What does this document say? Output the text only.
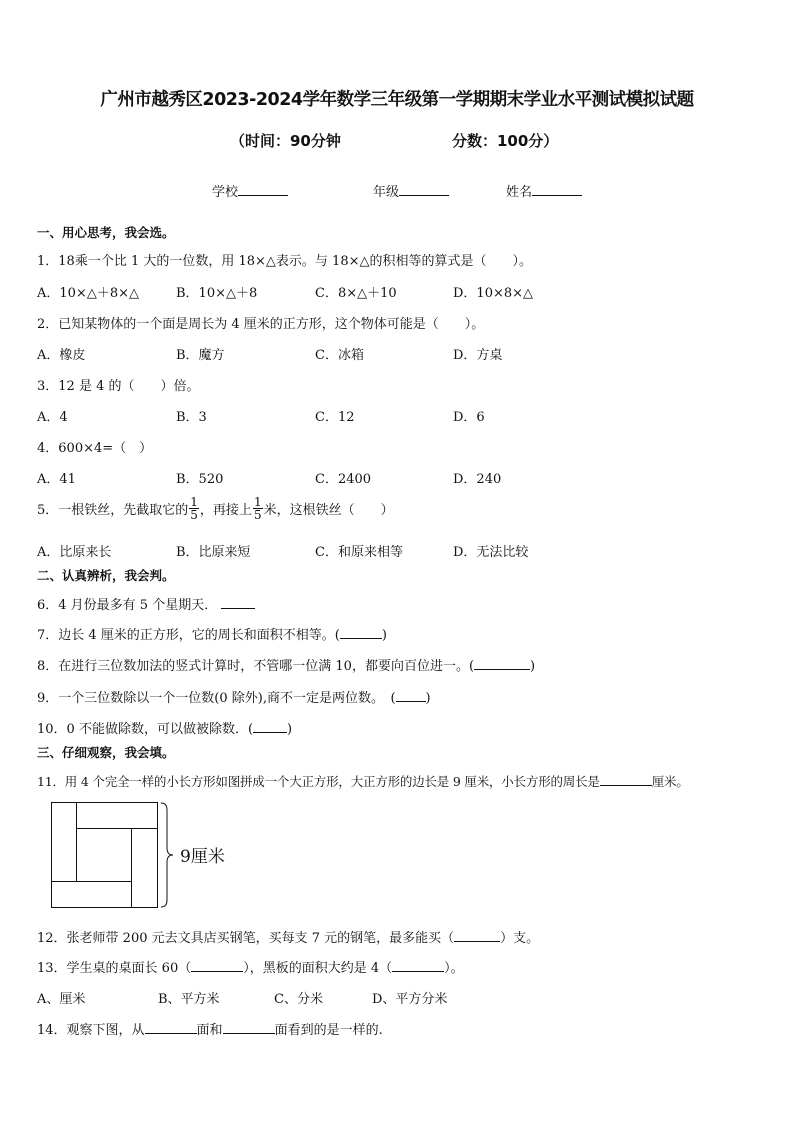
广州市越秀区2023-2024学年数学三年级第一学期期末学业水平测试模拟试题
（时间：90分钟	分数：100分）
学校	年级	姓名
一、用心思考，我会选。
1．18乘一个比 1 大的一位数，用 18×△表示。与 18×△的积相等的算式是（　　）。
A．10×△＋8×△	B．10×△＋8	C．8×△＋10	D．10×8×△
2．已知某物体的一个面是周长为 4 厘米的正方形，这个物体可能是（　　）。
A．橡皮	B．魔方	C．冰箱	D．方桌
3．12 是 4 的（　　）倍。
A．4	B．3	C．12	D．6
4．600×4=（　）
A．41	B．520	C．2400	D．240
5．一根铁丝，先截取它的 $\frac{1}{5}$ ，再接上 $\frac{1}{5}$ 米，这根铁丝（　　）
A．比原来长	B．比原来短	C．和原来相等	D．无法比较
二、认真辨析，我会判。
6．4 月份最多有 5 个星期天．
7．边长 4 厘米的正方形，它的周长和面积不相等。(	)
8．在进行三位数加法的竖式计算时，不管哪一位满 10，都要向百位进一。(	)
9．一个三位数除以一个一位数(0 除外),商不一定是两位数。　( )
10．0 不能做除数，可以做被除数．(	)
三、仔细观察，我会填。
11．用 4 个完全一样的小长方形如图拼成一个大正方形，大正方形的边长是 9 厘米，小长方形的周长是	厘米。
9厘米
12．张老师带 200 元去文具店买钢笔，买每支 7 元的钢笔，最多能买（	）支。
13．学生桌的桌面长 60（	），黑板的面积大约是 4（	）。
A、厘米	B、平方米	C、分米	D、平方分米
14．观察下图，从	面和	面看到的是一样的.
